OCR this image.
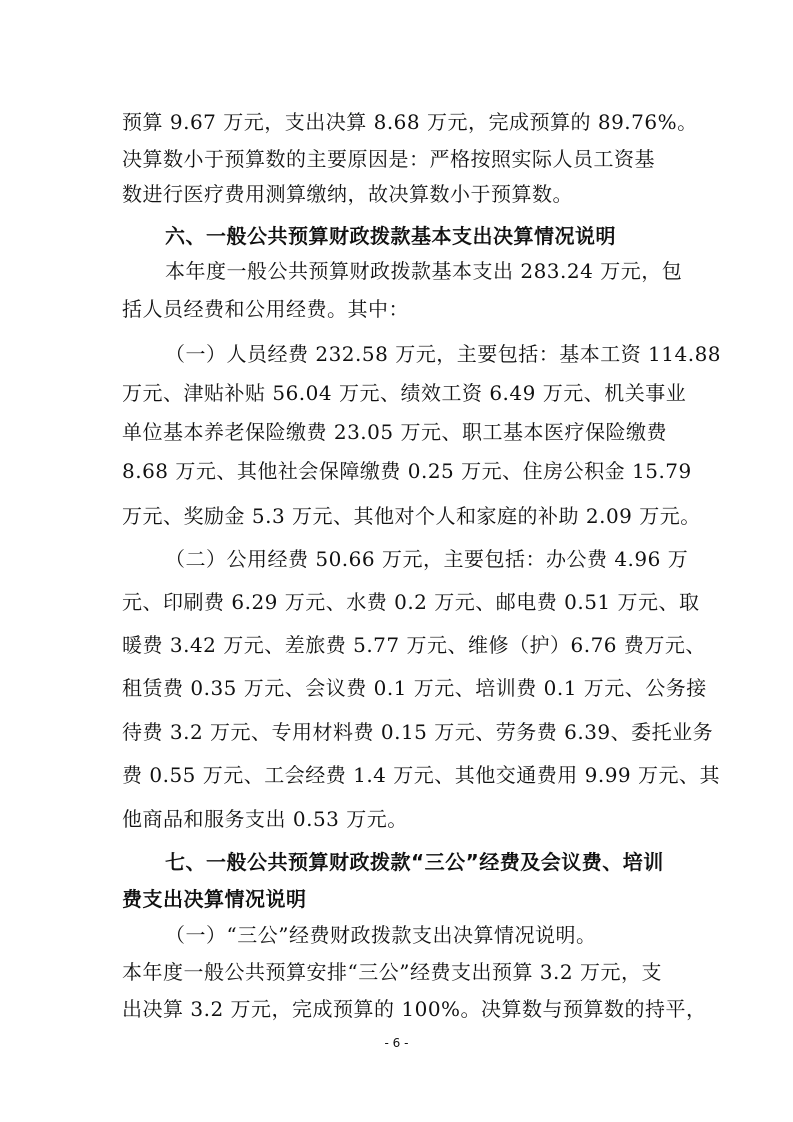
预算 9.67 万元，支出决算 8.68 万元，完成预算的 89.76%。
决算数小于预算数的主要原因是：严格按照实际人员工资基
数进行医疗费用测算缴纳，故决算数小于预算数。
六、一般公共预算财政拨款基本支出决算情况说明
本年度一般公共预算财政拨款基本支出 283.24 万元，包
括人员经费和公用经费。其中：
（一）人员经费 232.58 万元，主要包括：基本工资 114.88
万元、津贴补贴 56.04 万元、绩效工资 6.49 万元、机关事业
单位基本养老保险缴费 23.05 万元、职工基本医疗保险缴费
8.68 万元、其他社会保障缴费 0.25 万元、住房公积金 15.79
万元、奖励金 5.3 万元、其他对个人和家庭的补助 2.09 万元。
（二）公用经费 50.66 万元，主要包括：办公费 4.96 万
元、印刷费 6.29 万元、水费 0.2 万元、邮电费 0.51 万元、取
暖费 3.42 万元、差旅费 5.77 万元、维修（护）6.76 费万元、
租赁费 0.35 万元、会议费 0.1 万元、培训费 0.1 万元、公务接
待费 3.2 万元、专用材料费 0.15 万元、劳务费 6.39、委托业务
费 0.55 万元、工会经费 1.4 万元、其他交通费用 9.99 万元、其
他商品和服务支出 0.53 万元。
七、一般公共预算财政拨款“三公”经费及会议费、培训
费支出决算情况说明
（一）“三公”经费财政拨款支出决算情况说明。
本年度一般公共预算安排“三公”经费支出预算 3.2 万元，支
出决算 3.2 万元，完成预算的 100%。决算数与预算数的持平，
- 6 -
